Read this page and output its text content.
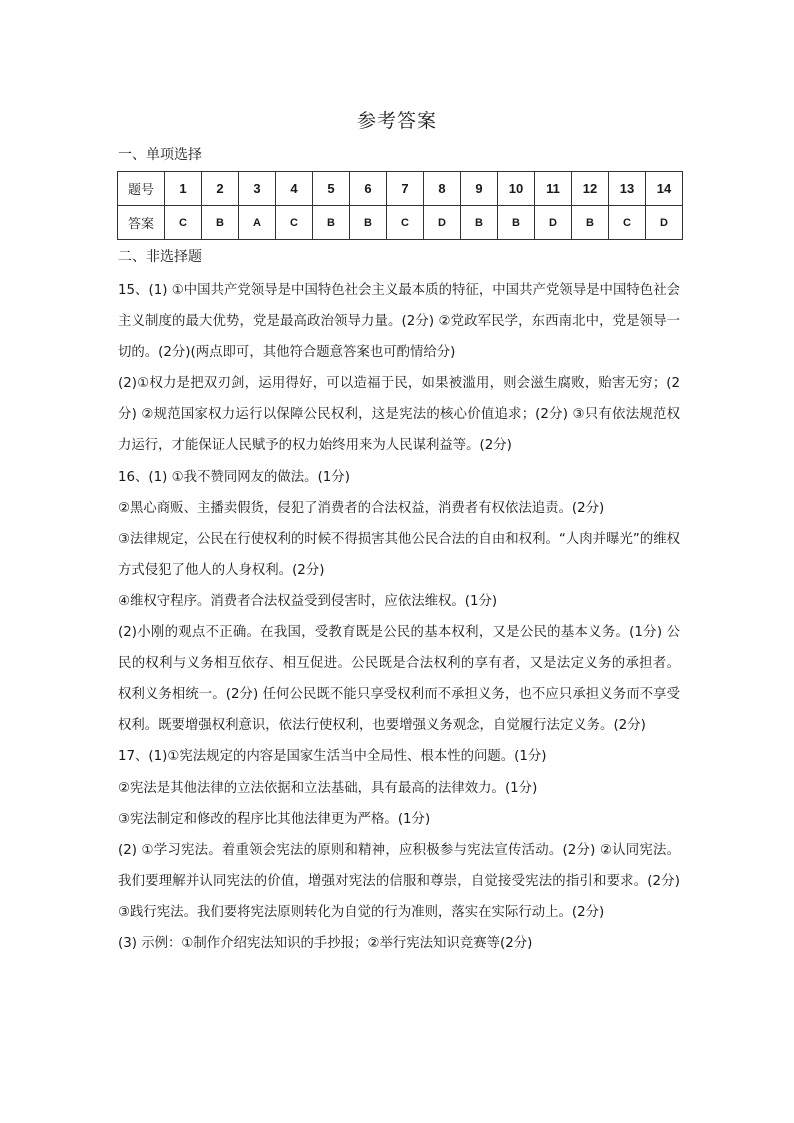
参考答案
一、单项选择
题号	1	2	3	4	5	6	7	8	9	10	11	12	13	14
答案	C	B	A	C	B	B	C	D	B	B	D	B	C	D
二、非选择题

15、(1) ①中国共产党领导是中国特色社会主义最本质的特征，中国共产党领导是中国特色社会主义制度的最大优势，党是最高政治领导力量。(2分) ②党政军民学，东西南北中，党是领导一切的。(2分)(两点即可，其他符合题意答案也可酌情给分)

(2)①权力是把双刃剑，运用得好，可以造福于民，如果被滥用，则会滋生腐败，贻害无穷；(2分) ②规范国家权力运行以保障公民权利，这是宪法的核心价值追求；(2分) ③只有依法规范权力运行，才能保证人民赋予的权力始终用来为人民谋利益等。(2分)

16、(1) ①我不赞同网友的做法。(1分)

②黑心商贩、主播卖假货，侵犯了消费者的合法权益，消费者有权依法追责。(2分)

③法律规定，公民在行使权利的时候不得损害其他公民合法的自由和权利。“人肉并曝光”的维权方式侵犯了他人的人身权利。(2分)

④维权守程序。消费者合法权益受到侵害时，应依法维权。(1分)

(2)小刚的观点不正确。在我国，受教育既是公民的基本权利，又是公民的基本义务。(1分) 公民的权利与义务相互依存、相互促进。公民既是合法权利的享有者，又是法定义务的承担者。权利义务相统一。(2分) 任何公民既不能只享受权利而不承担义务，也不应只承担义务而不享受权利。既要增强权利意识，依法行使权利，也要增强义务观念，自觉履行法定义务。(2分)

17、(1)①宪法规定的内容是国家生活当中全局性、根本性的问题。(1分)

②宪法是其他法律的立法依据和立法基础，具有最高的法律效力。(1分)

③宪法制定和修改的程序比其他法律更为严格。(1分)

(2) ①学习宪法。着重领会宪法的原则和精神，应积极参与宪法宣传活动。(2分) ②认同宪法。我们要理解并认同宪法的价值，增强对宪法的信服和尊崇，自觉接受宪法的指引和要求。(2分) ③践行宪法。我们要将宪法原则转化为自觉的行为准则，落实在实际行动上。(2分)

(3) 示例：①制作介绍宪法知识的手抄报；②举行宪法知识竞赛等(2分)
